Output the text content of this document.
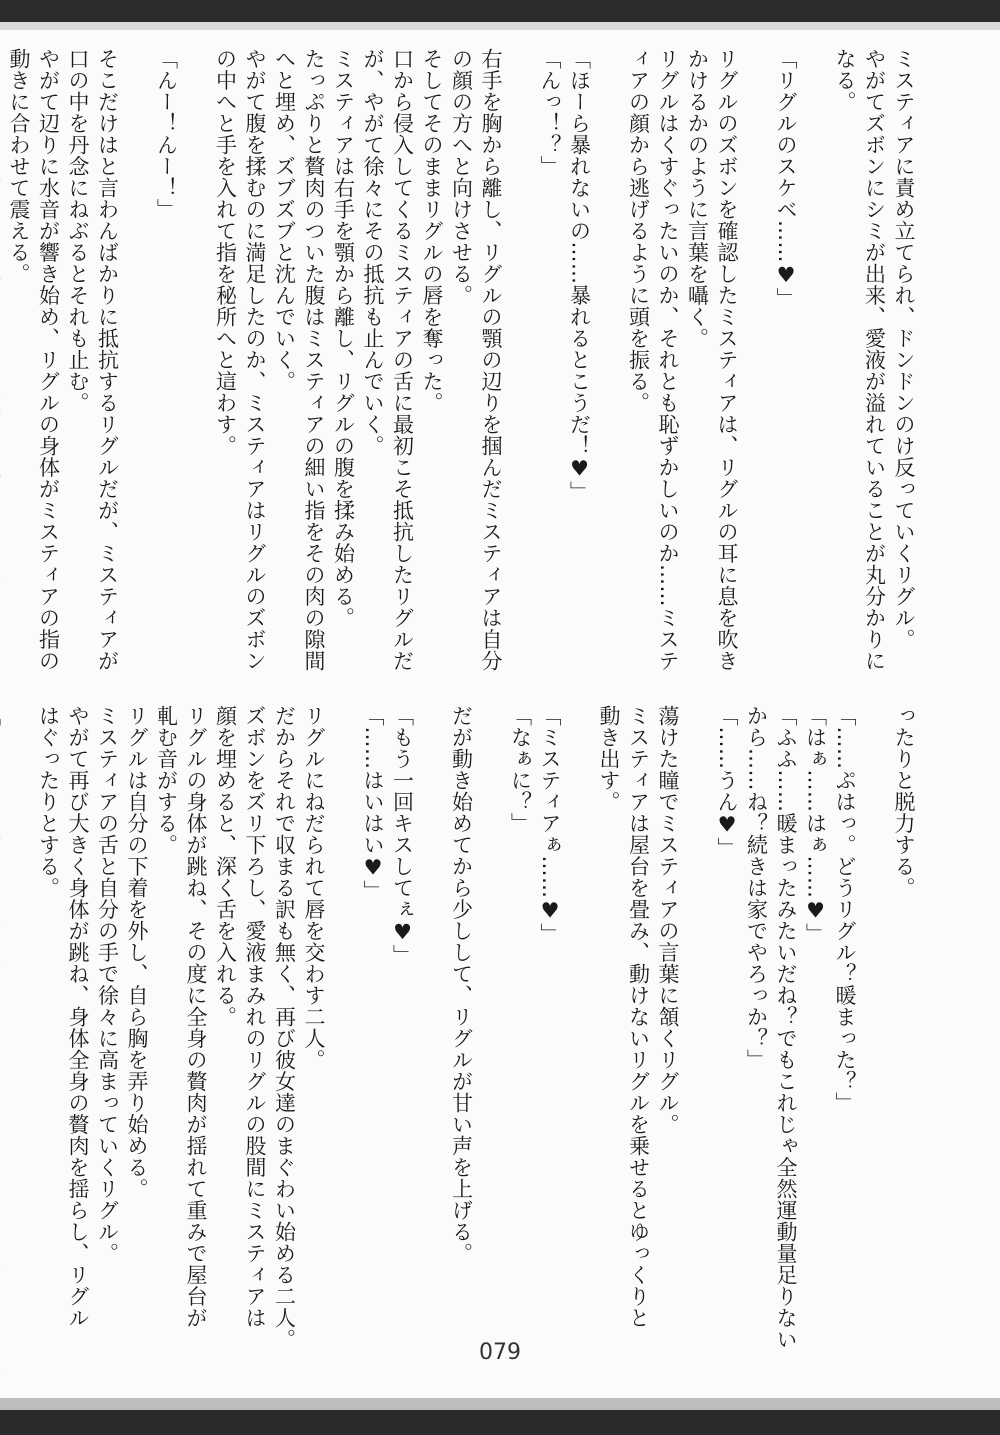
ミスティアに責め立てられ、ドンドンのけ反っていくリグル。
やがてズボンにシミが出来、愛液が溢れていることが丸分かりに
なる。

「リグルのスケベ……♥」

リグルのズボンを確認したミスティアは、リグルの耳に息を吹き
かけるかのように言葉を囁く。
リグルはくすぐったいのか、それとも恥ずかしいのか……ミステ
ィアの顔から逃げるように頭を振る。

「ほーら暴れないの……暴れるとこうだ！♥」
「んっ！？」

右手を胸から離し、リグルの顎の辺りを掴んだミスティアは自分
の顔の方へと向けさせる。
そしてそのままリグルの唇を奪った。
口から侵入してくるミスティアの舌に最初こそ抵抗したリグルだ
が、やがて徐々にその抵抗も止んでいく。
ミスティアは右手を顎から離し、リグルの腹を揉み始める。
たっぷりと贅肉のついた腹はミスティアの細い指をその肉の隙間
へと埋め、ズブズブと沈んでいく。
やがて腹を揉むのに満足したのか、ミスティアはリグルのズボン
の中へと手を入れて指を秘所へと這わす。

「んー！んー！」

そこだけはと言わんばかりに抵抗するリグルだが、ミスティアが
口の中を丹念にねぶるとそれも止む。
やがて辺りに水音が響き始め、リグルの身体がミスティアの指の
動きに合わせて震える。
ったりと脱力する。

「……ぷはっ。どうリグル？暖まった？」
「はぁ……はぁ……♥」
「ふふ……暖まったみたいだね？でもこれじゃ全然運動量足りない
から……ね？続きは家でやろっか？」
「……うん♥」

蕩けた瞳でミスティアの言葉に頷くリグル。
ミスティアは屋台を畳み、動けないリグルを乗せるとゆっくりと
動き出す。

「ミスティアぁ……♥」
「なぁに？」

だが動き始めてから少しして、リグルが甘い声を上げる。

「もう一回キスしてぇ♥」
「……はいはい♥」

リグルにねだられて唇を交わす二人。
だからそれで収まる訳も無く、再び彼女達のまぐわい始める二人。
ズボンをズリ下ろし、愛液まみれのリグルの股間にミスティアは
顔を埋めると、深く舌を入れる。
リグルの身体が跳ね、その度に全身の贅肉が揺れて重みで屋台が
軋む音がする。
リグルは自分の下着を外し、自ら胸を弄り始める。
ミスティアの舌と自分の手で徐々に高まっていくリグル。
やがて再び大きく身体が跳ね、身体全身の贅肉を揺らし、リグル
はぐったりとする。

079
